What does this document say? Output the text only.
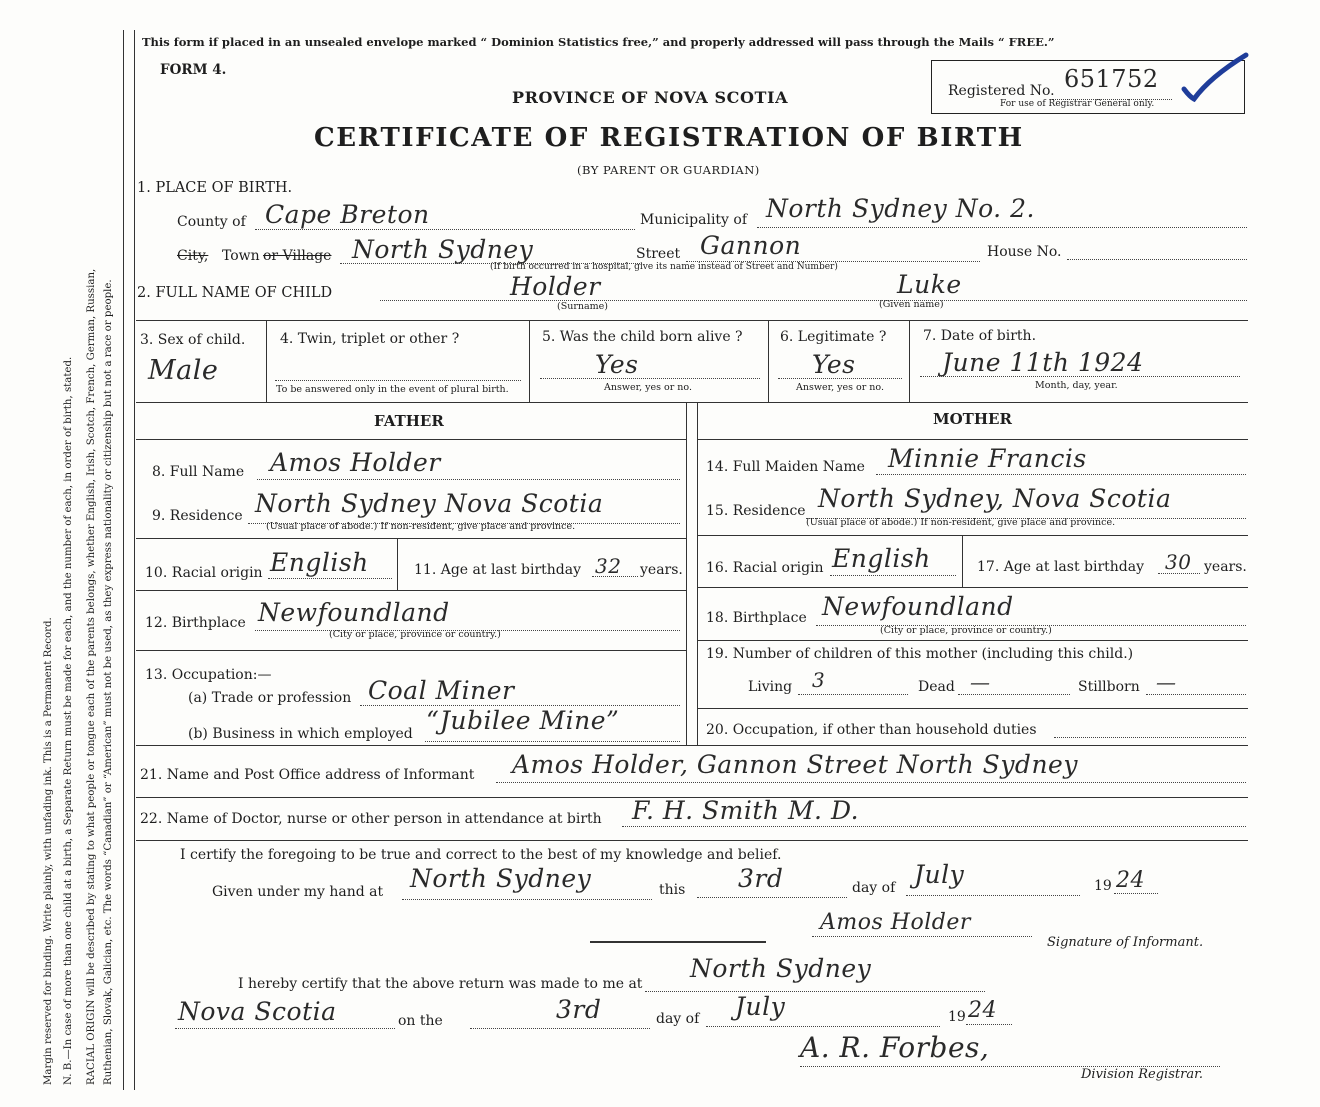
Margin reserved for binding. Write plainly, with unfading ink. This is a Permanent Record. N. B.—In case of more than one child at a birth, a Separate Return must be made for each, and the number of each, in order of birth, stated. RACIAL ORIGIN will be described by stating to what people or tongue each of the parents belongs, whether English, Irish, Scotch, French, German, Russian, Ruthenian, Slovak, Galician, etc. The words “Canadian” or “American” must not be used, as they express nationality or citizenship but not a race or people.
This form if placed in an unsealed envelope marked “ Dominion Statistics free,” and properly addressed will pass through the Mails “ FREE.”
FORM 4.
PROVINCE OF NOVA SCOTIA
CERTIFICATE OF REGISTRATION OF BIRTH
(BY PARENT OR GUARDIAN)
Registered No. 651752
For use of Registrar General only.
1. PLACE OF BIRTH.
County of Cape Breton	Municipality of North Sydney No. 2.
City, Town or Village North Sydney	Street Gannon	House No.
(If birth occurred in a hospital, give its name instead of Street and Number)
2. FULL NAME OF CHILD	Holder
(Surname)
Luke
(Given name)
3. Sex of child.
Male
4. Twin, triplet or other ?
To be answered only in the event of plural birth.
5. Was the child born alive ?
Yes
Answer, yes or no.
6. Legitimate ?
Yes
Answer, yes or no.
7. Date of birth.
June 11th 1924
Month, day, year.
FATHER	MOTHER
8. Full Name Amos Holder
9. Residence North Sydney Nova Scotia
(Usual place of abode.) If non-resident, give place and province.
10. Racial origin English	11. Age at last birthday 32 years.
12. Birthplace Newfoundland
(City or place, province or country.)
13. Occupation:—
(a) Trade or profession Coal Miner
(b) Business in which employed “Jubilee Mine”
14. Full Maiden Name Minnie Francis
15. Residence North Sydney, Nova Scotia
(Usual place of abode.) If non-resident, give place and province.
16. Racial origin English	17. Age at last birthday 30 years.
18. Birthplace Newfoundland
(City or place, province or country.)
19. Number of children of this mother (including this child.)
Living 3	Dead —	Stillborn —
20. Occupation, if other than household duties
21. Name and Post Office address of Informant Amos Holder, Gannon Street North Sydney
22. Name of Doctor, nurse or other person in attendance at birth F. H. Smith M. D.
I certify the foregoing to be true and correct to the best of my knowledge and belief.
Given under my hand at North Sydney	this 3rd	day of July	19 24
Amos Holder
Signature of Informant.
I hereby certify that the above return was made to me at
North Sydney
Nova Scotia	on the	3rd	day of July	19 24
A. R. Forbes,
Division Registrar.
